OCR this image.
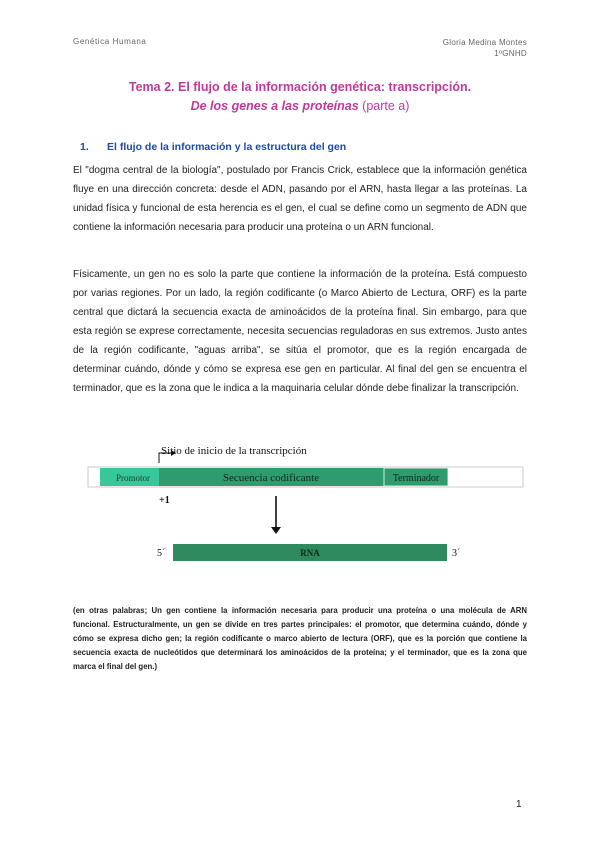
Genética Humana	Gloria Medina Montes
1ºGNHD
Tema 2. El flujo de la información genética: transcripción.
De los genes a las proteínas (parte a)
1. El flujo de la información y la estructura del gen
El "dogma central de la biología", postulado por Francis Crick, establece que la información genética fluye en una dirección concreta: desde el ADN, pasando por el ARN, hasta llegar a las proteínas. La unidad física y funcional de esta herencia es el gen, el cual se define como un segmento de ADN que contiene la información necesaria para producir una proteína o un ARN funcional.
Físicamente, un gen no es solo la parte que contiene la información de la proteína. Está compuesto por varias regiones. Por un lado, la región codificante (o Marco Abierto de Lectura, ORF) es la parte central que dictará la secuencia exacta de aminoácidos de la proteína final. Sin embargo, para que esta región se exprese correctamente, necesita secuencias reguladoras en sus extremos. Justo antes de la región codificante, "aguas arriba", se sitúa el promotor, que es la región encargada de determinar cuándo, dónde y cómo se expresa ese gen en particular. Al final del gen se encuentra el terminador, que es la zona que le indica a la maquinaria celular dónde debe finalizar la transcripción.
Promotor	Secuencia codificante	Terminador
Sitio de inicio de la transcripción
+1
RNA
5´	3´
(en otras palabras; Un gen contiene la información necesaria para producir una proteína o una molécula de ARN funcional. Estructuralmente, un gen se divide en tres partes principales: el promotor, que determina cuándo, dónde y cómo se expresa dicho gen; la región codificante o marco abierto de lectura (ORF), que es la porción que contiene la secuencia exacta de nucleótidos que determinará los aminoácidos de la proteína; y el terminador, que es la zona que marca el final del gen.)
1
